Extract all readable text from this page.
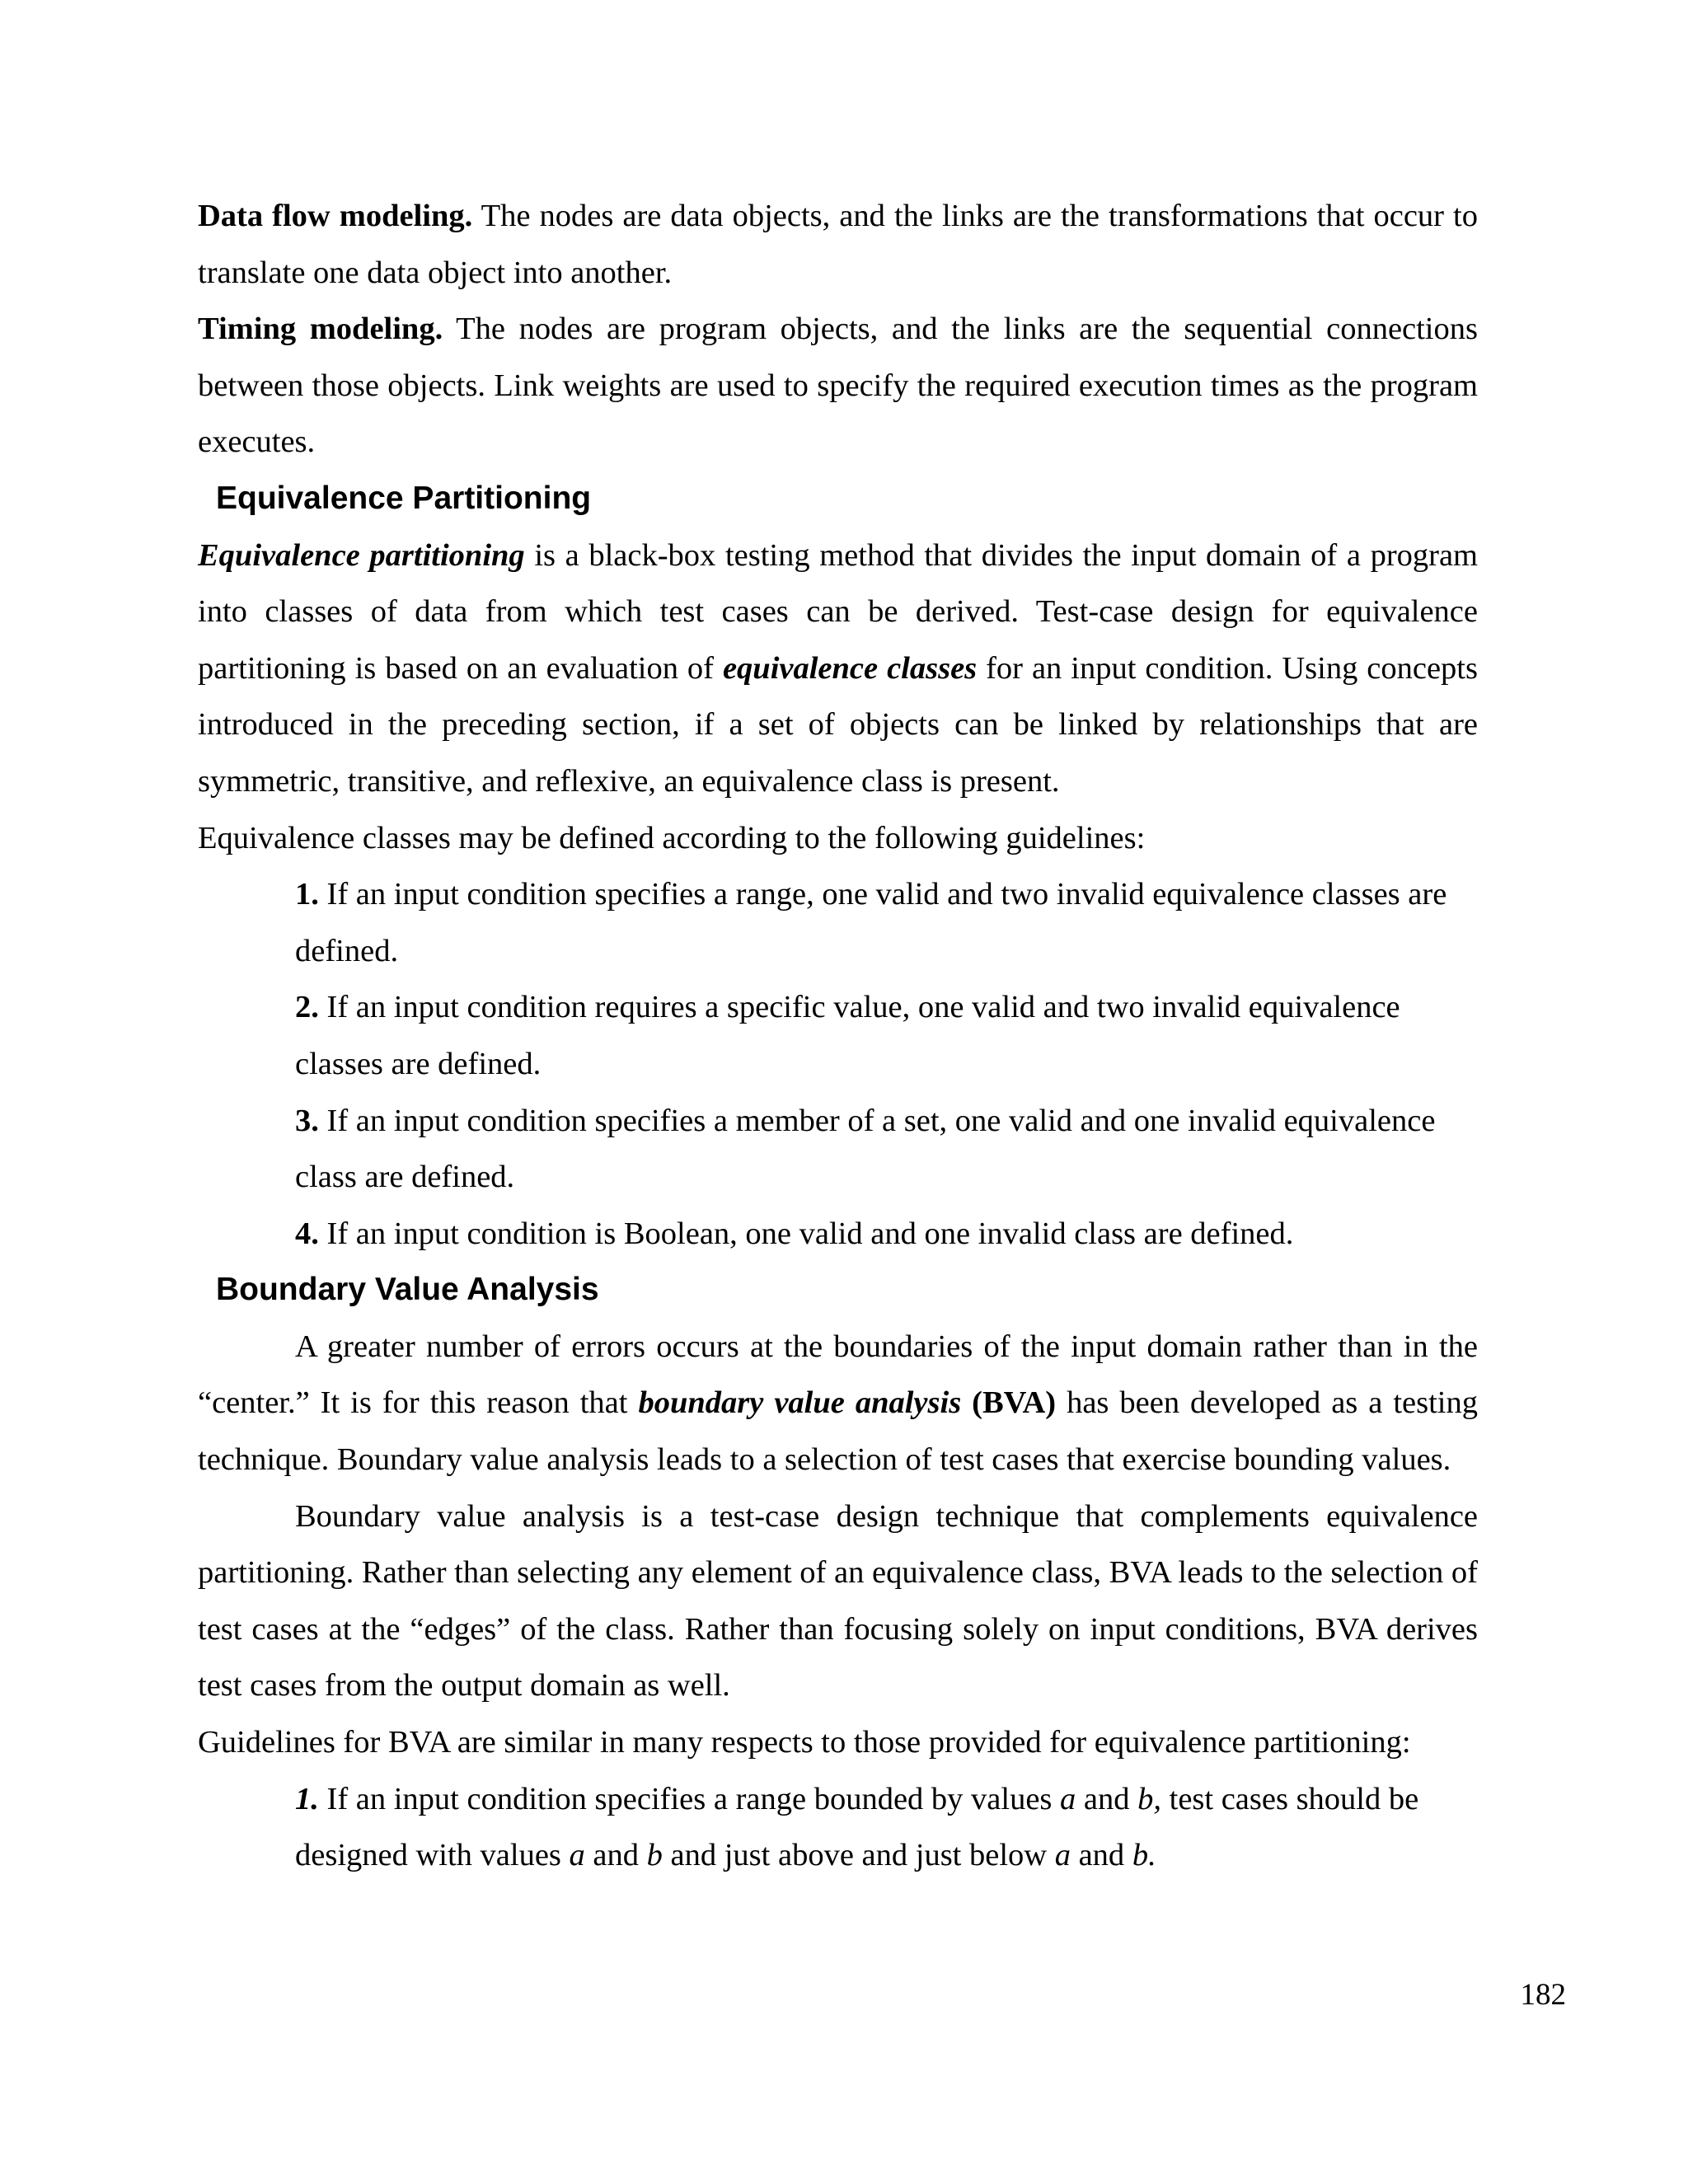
Data flow modeling. The nodes are data objects, and the links are the transformations that occur to translate one data object into another.

Timing modeling. The nodes are program objects, and the links are the sequential connections between those objects. Link weights are used to specify the required execution times as the program executes.

Equivalence Partitioning

Equivalence partitioning is a black-box testing method that divides the input domain of a program into classes of data from which test cases can be derived. Test-case design for equivalence partitioning is based on an evaluation of equivalence classes for an input condition. Using concepts introduced in the preceding section, if a set of objects can be linked by relationships that are symmetric, transitive, and reflexive, an equivalence class is present.

Equivalence classes may be defined according to the following guidelines:

1. If an input condition specifies a range, one valid and two invalid equivalence classes are defined.

2. If an input condition requires a specific value, one valid and two invalid equivalence classes are defined.

3. If an input condition specifies a member of a set, one valid and one invalid equivalence class are defined.

4. If an input condition is Boolean, one valid and one invalid class are defined.

Boundary Value Analysis

A greater number of errors occurs at the boundaries of the input domain rather than in the “center.” It is for this reason that boundary value analysis (BVA) has been developed as a testing technique. Boundary value analysis leads to a selection of test cases that exercise bounding values.

Boundary value analysis is a test-case design technique that complements equivalence partitioning. Rather than selecting any element of an equivalence class, BVA leads to the selection of test cases at the “edges” of the class. Rather than focusing solely on input conditions, BVA derives test cases from the output domain as well.

Guidelines for BVA are similar in many respects to those provided for equivalence partitioning:

1. If an input condition specifies a range bounded by values a and b, test cases should be designed with values a and b and just above and just below a and b.

182
